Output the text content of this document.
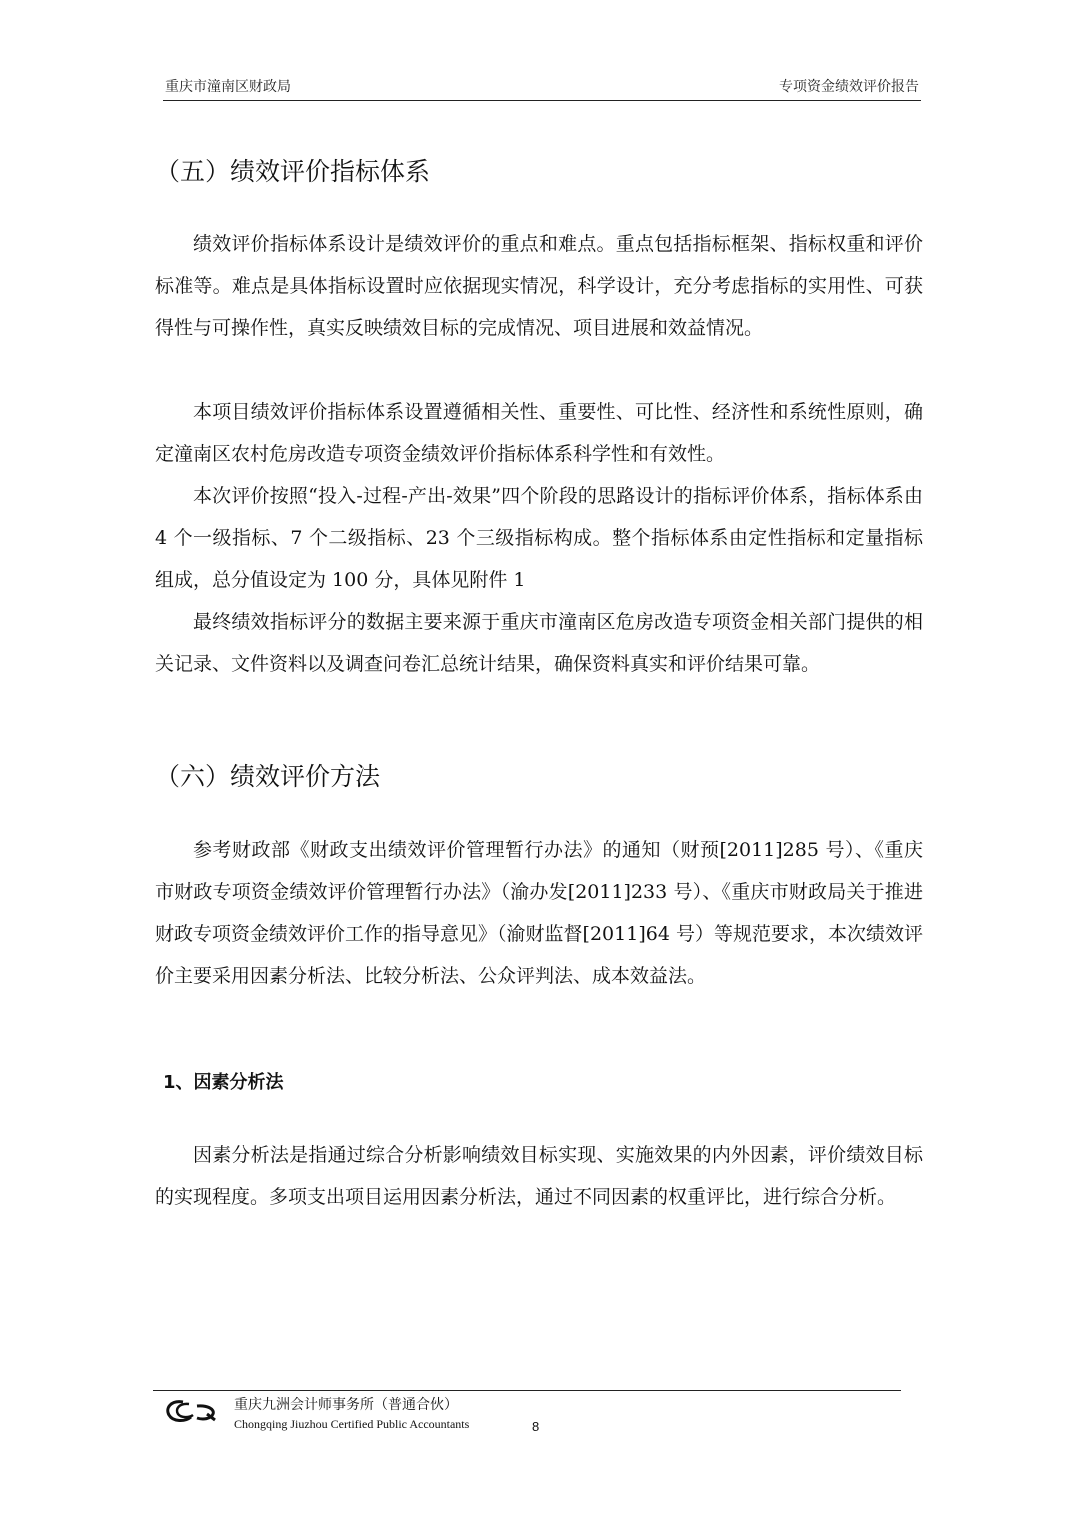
重庆市潼南区财政局	专项资金绩效评价报告
（五）绩效评价指标体系

绩效评价指标体系设计是绩效评价的重点和难点。重点包括指标框架、指标权重和评价标准等。难点是具体指标设置时应依据现实情况，科学设计，充分考虑指标的实用性、可获得性与可操作性，真实反映绩效目标的完成情况、项目进展和效益情况。

本项目绩效评价指标体系设置遵循相关性、重要性、可比性、经济性和系统性原则，确定潼南区农村危房改造专项资金绩效评价指标体系科学性和有效性。

本次评价按照“投入-过程-产出-效果”四个阶段的思路设计的指标评价体系，指标体系由 4 个一级指标、7 个二级指标、23 个三级指标构成。整个指标体系由定性指标和定量指标组成，总分值设定为 100 分，具体见附件 1

最终绩效指标评分的数据主要来源于重庆市潼南区危房改造专项资金相关部门提供的相关记录、文件资料以及调查问卷汇总统计结果，确保资料真实和评价结果可靠。

（六）绩效评价方法

参考财政部《财政支出绩效评价管理暂行办法》的通知（财预[2011]285 号）、《重庆市财政专项资金绩效评价管理暂行办法》（渝办发[2011]233 号）、《重庆市财政局关于推进财政专项资金绩效评价工作的指导意见》（渝财监督[2011]64 号）等规范要求，本次绩效评价主要采用因素分析法、比较分析法、公众评判法、成本效益法。

1、因素分析法

因素分析法是指通过综合分析影响绩效目标实现、实施效果的内外因素，评价绩效目标的实现程度。多项支出项目运用因素分析法，通过不同因素的权重评比，进行综合分析。

重庆九洲会计师事务所（普通合伙）
Chongqing Jiuzhou Certified Public Accountants	8
